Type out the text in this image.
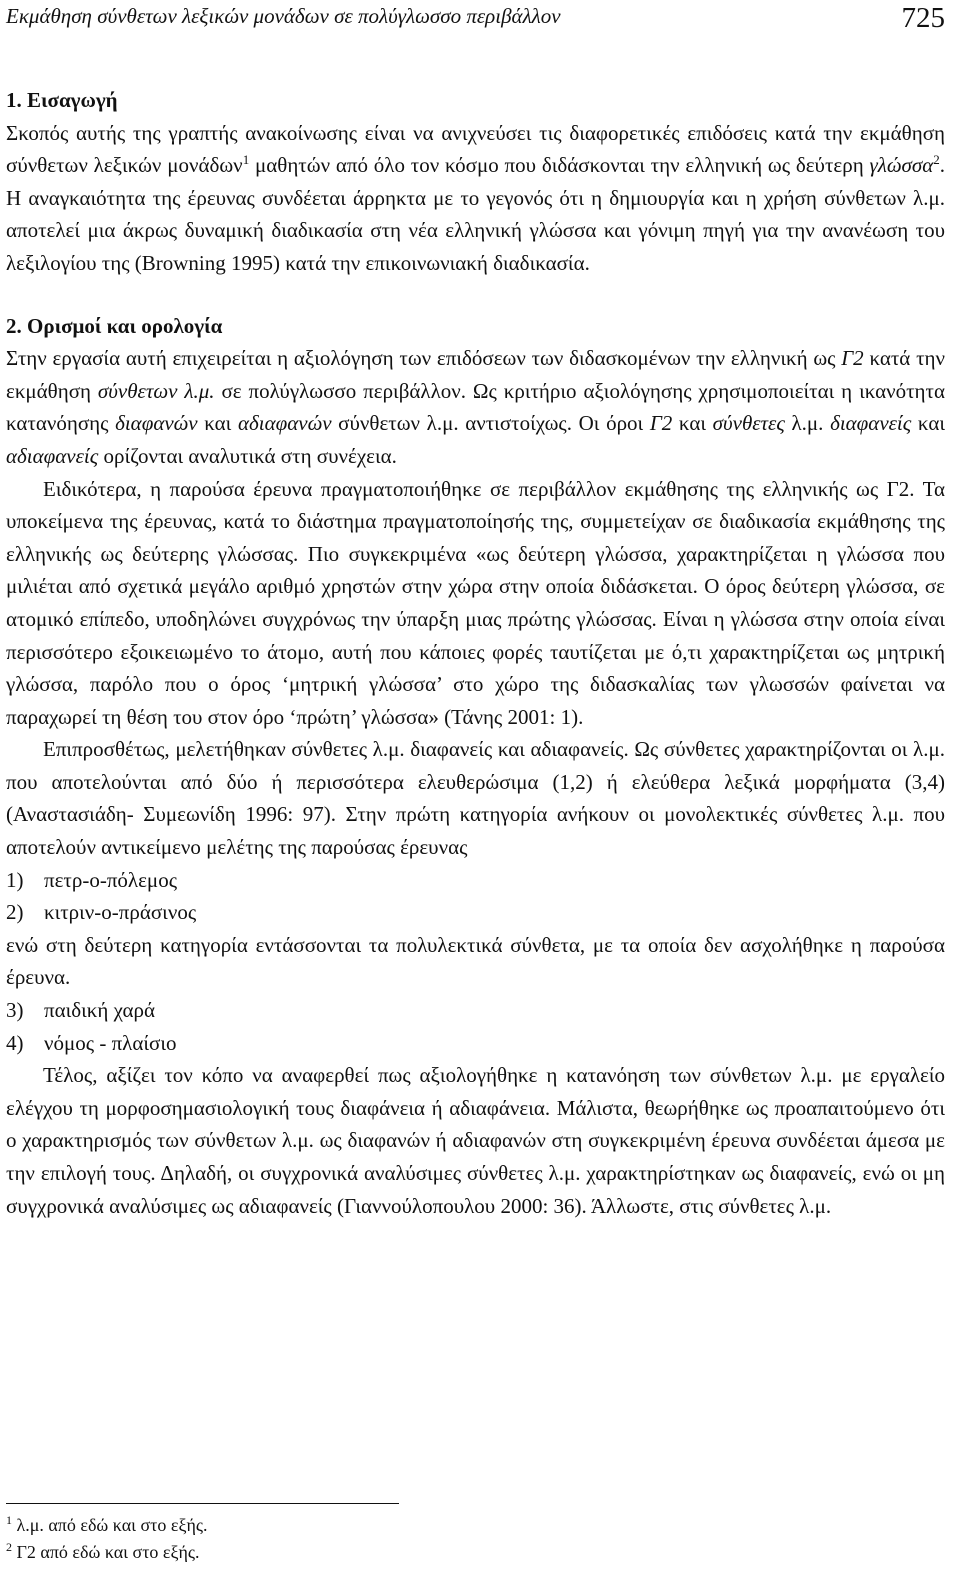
Εκμάθηση σύνθετων λεξικών μονάδων σε πολύγλωσσο περιβάλλον	725
1. Εισαγωγή

Σκοπός αυτής της γραπτής ανακοίνωσης είναι να ανιχνεύσει τις διαφορετικές επιδόσεις κατά την εκμάθηση σύνθετων λεξικών μονάδων$^1$ μαθητών από όλο τον κόσμο που διδάσκονται την ελληνική ως δεύτερη γλώσσα$^2$. Η αναγκαιότητα της έρευνας συνδέεται άρρηκτα με το γεγονός ότι η δημιουργία και η χρήση σύνθετων λ.μ. αποτελεί μια άκρως δυναμική διαδικασία στη νέα ελληνική γλώσσα και γόνιμη πηγή για την ανανέωση του λεξιλογίου της (Browning 1995) κατά την επικοινωνιακή διαδικασία.

2. Ορισμοί και ορολογία

Στην εργασία αυτή επιχειρείται η αξιολόγηση των επιδόσεων των διδασκομένων την ελληνική ως Γ2 κατά την εκμάθηση σύνθετων λ.μ. σε πολύγλωσσο περιβάλλον. Ως κριτήριο αξιολόγησης χρησιμοποιείται η ικανότητα κατανόησης διαφανών και αδιαφανών σύνθετων λ.μ. αντιστοίχως. Οι όροι Γ2 και σύνθετες λ.μ. διαφανείς και αδιαφανείς ορίζονται αναλυτικά στη συνέχεια.

Ειδικότερα, η παρούσα έρευνα πραγματοποιήθηκε σε περιβάλλον εκμάθησης της ελληνικής ως Γ2. Τα υποκείμενα της έρευνας, κατά το διάστημα πραγματοποίησής της, συμμετείχαν σε διαδικασία εκμάθησης της ελληνικής ως δεύτερης γλώσσας. Πιο συγκεκριμένα «ως δεύτερη γλώσσα, χαρακτηρίζεται η γλώσσα που μιλιέται από σχετικά μεγάλο αριθμό χρηστών στην χώρα στην οποία διδάσκεται. Ο όρος δεύτερη γλώσσα, σε ατομικό επίπεδο, υποδηλώνει συγχρόνως την ύπαρξη μιας πρώτης γλώσσας. Είναι η γλώσσα στην οποία είναι περισσότερο εξοικειωμένο το άτομο, αυτή που κάποιες φορές ταυτίζεται με ό,τι χαρακτηρίζεται ως μητρική γλώσσα, παρόλο που ο όρος ‘μητρική γλώσσα’ στο χώρο της διδασκαλίας των γλωσσών φαίνεται να παραχωρεί τη θέση του στον όρο ‘πρώτη’ γλώσσα» (Τάνης 2001: 1).

Επιπροσθέτως, μελετήθηκαν σύνθετες λ.μ. διαφανείς και αδιαφανείς. Ως σύνθετες χαρακτηρίζονται οι λ.μ. που αποτελούνται από δύο ή περισσότερα ελευθερώσιμα (1,2) ή ελεύθερα λεξικά μορφήματα (3,4) (Αναστασιάδη- Συμεωνίδη 1996: 97). Στην πρώτη κατηγορία ανήκουν οι μονολεκτικές σύνθετες λ.μ. που αποτελούν αντικείμενο μελέτης της παρούσας έρευνας

1) πετρ-ο-πόλεμος
2) κιτριν-ο-πράσινος

ενώ στη δεύτερη κατηγορία εντάσσονται τα πολυλεκτικά σύνθετα, με τα οποία δεν ασχολήθηκε η παρούσα έρευνα.

3) παιδική χαρά
4) νόμος - πλαίσιο

Τέλος, αξίζει τον κόπο να αναφερθεί πως αξιολογήθηκε η κατανόηση των σύνθετων λ.μ. με εργαλείο ελέγχου τη μορφοσημασιολογική τους διαφάνεια ή αδιαφάνεια. Μάλιστα, θεωρήθηκε ως προαπαιτούμενο ότι ο χαρακτηρισμός των σύνθετων λ.μ. ως διαφανών ή αδιαφανών στη συγκεκριμένη έρευνα συνδέεται άμεσα με την επιλογή τους. Δηλαδή, οι συγχρονικά αναλύσιμες σύνθετες λ.μ. χαρακτηρίστηκαν ως διαφανείς, ενώ οι μη συγχρονικά αναλύσιμες ως αδιαφανείς (Γιαννούλοπουλου 2000: 36). Άλλωστε, στις σύνθετες λ.μ.

$^1$ λ.μ. από εδώ και στο εξής.
$^2$ Γ2 από εδώ και στο εξής.
